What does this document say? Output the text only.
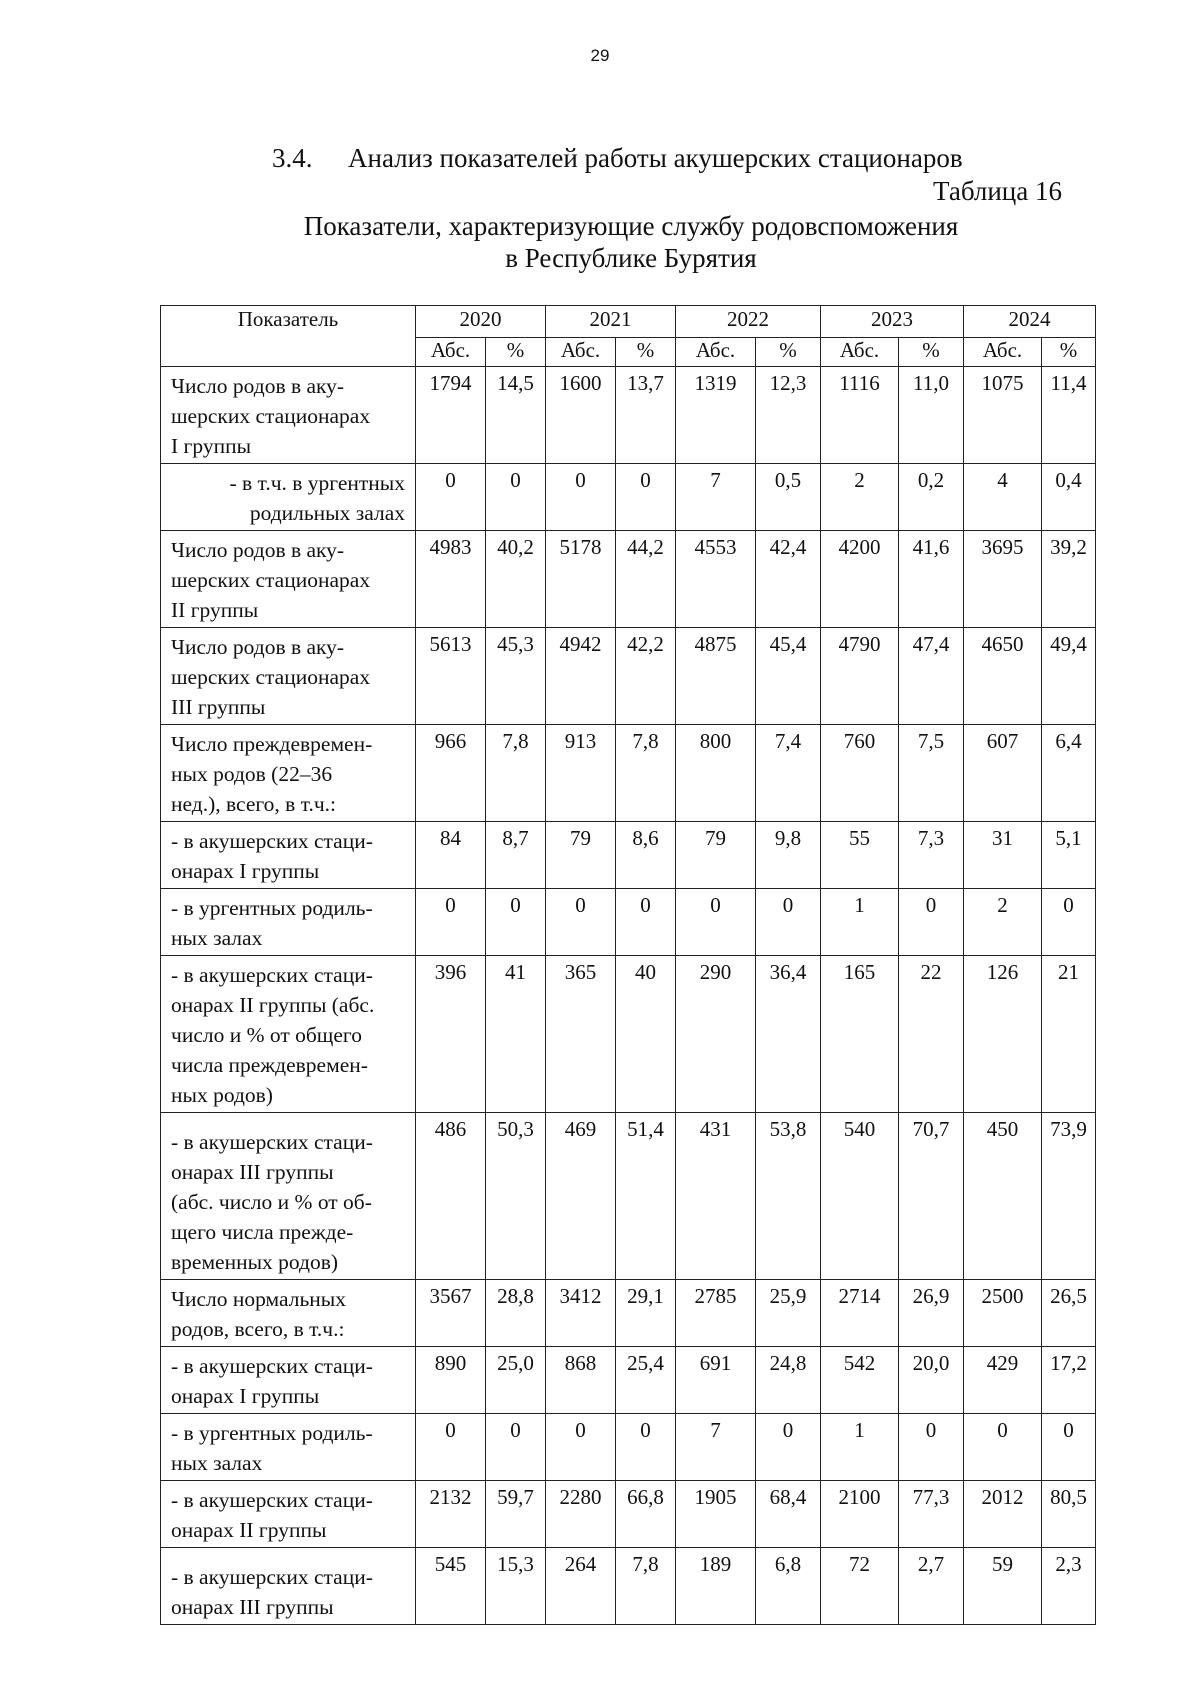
29
3.4. Анализ показателей работы акушерских стационаров
Таблица 16
Показатели, характеризующие службу родовспоможения
в Республике Бурятия
Показатель	2020		2021		2022		2023		2024	
	Абс.	%	Абс.	%	Абс.	%	Абс.	%	Абс.	%

Число родов в аку-
шерских стационарах
I группы	1794	14,5	1600	13,7	1319	12,3	1116	11,0	1075	11,4

- в т.ч. в ургентных
родильных залах	0	0	0	0	7	0,5	2	0,2	4	0,4

Число родов в аку-
шерских стационарах
II группы	4983	40,2	5178	44,2	4553	42,4	4200	41,6	3695	39,2

Число родов в аку-
шерских стационарах
III группы	5613	45,3	4942	42,2	4875	45,4	4790	47,4	4650	49,4

Число преждевремен-
ных родов (22–36
нед.), всего, в т.ч.:	966	7,8	913	7,8	800	7,4	760	7,5	607	6,4

- в акушерских стаци-
онарах I группы	84	8,7	79	8,6	79	9,8	55	7,3	31	5,1

- в ургентных родиль-
ных залах	0	0	0	0	0	0	1	0	2	0

- в акушерских стаци-
онарах II группы (абс.
число и % от общего
числа преждевремен-
ных родов)	396	41	365	40	290	36,4	165	22	126	21

- в акушерских стаци-
онарах III группы
(абс. число и % от об-
щего числа прежде-
временных родов)	486	50,3	469	51,4	431	53,8	540	70,7	450	73,9

Число нормальных
родов, всего, в т.ч.:	3567	28,8	3412	29,1	2785	25,9	2714	26,9	2500	26,5

- в акушерских стаци-
онарах I группы	890	25,0	868	25,4	691	24,8	542	20,0	429	17,2

- в ургентных родиль-
ных залах	0	0	0	0	7	0	1	0	0	0

- в акушерских стаци-
онарах II группы	2132	59,7	2280	66,8	1905	68,4	2100	77,3	2012	80,5

- в акушерских стаци-
онарах III группы	545	15,3	264	7,8	189	6,8	72	2,7	59	2,3
